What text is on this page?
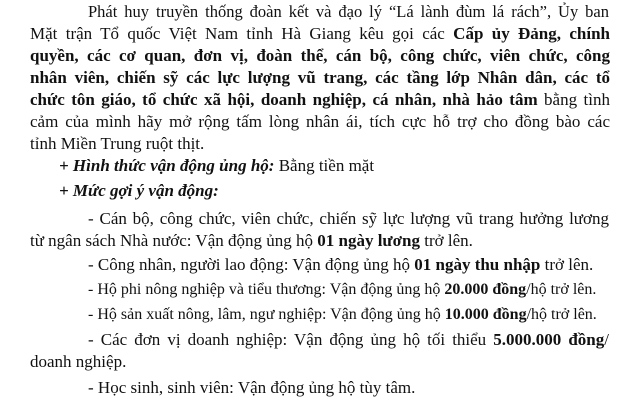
Phát huy truyền thống đoàn kết và đạo lý “Lá lành đùm lá rách”, Ủy ban
Mặt trận Tổ quốc Việt Nam tỉnh Hà Giang kêu gọi các Cấp ủy Đảng, chính
quyền, các cơ quan, đơn vị, đoàn thể, cán bộ, công chức, viên chức, công
nhân viên, chiến sỹ các lực lượng vũ trang, các tầng lớp Nhân dân, các tổ
chức tôn giáo, tổ chức xã hội, doanh nghiệp, cá nhân, nhà hảo tâm bằng tình
cảm của mình hãy mở rộng tấm lòng nhân ái, tích cực hỗ trợ cho đồng bào các
tỉnh Miền Trung ruột thịt.
+ Hình thức vận động ủng hộ: Bằng tiền mặt
+ Mức gợi ý vận động:
- Cán bộ, công chức, viên chức, chiến sỹ lực lượng vũ trang hưởng lương
từ ngân sách Nhà nước: Vận động ủng hộ 01 ngày lương trở lên.
- Công nhân, người lao động: Vận động ủng hộ 01 ngày thu nhập trở lên.
- Hộ phi nông nghiệp và tiểu thương: Vận động ủng hộ 20.000 đồng/hộ trở lên.
- Hộ sản xuất nông, lâm, ngư nghiệp: Vận động ủng hộ 10.000 đồng/hộ trở lên.
- Các đơn vị doanh nghiệp: Vận động ủng hộ tối thiểu 5.000.000 đồng/
doanh nghiệp.
- Học sinh, sinh viên: Vận động ủng hộ tùy tâm.
